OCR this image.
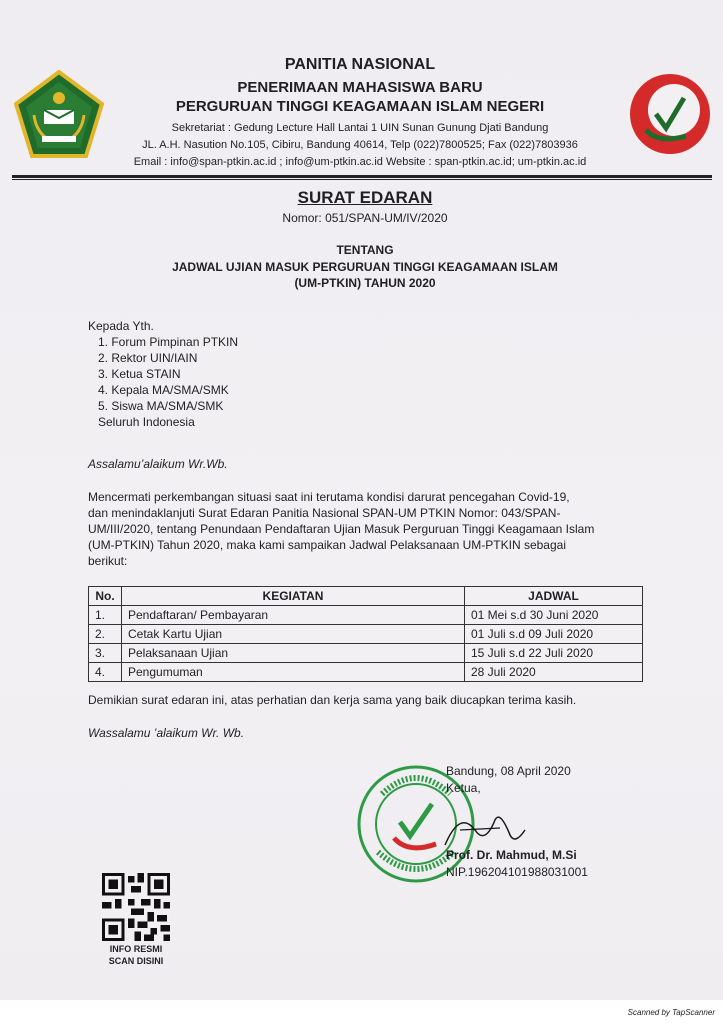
PANITIA NASIONAL
PENERIMAAN MAHASISWA BARU
PERGURUAN TINGGI KEAGAMAAN ISLAM NEGERI
Sekretariat : Gedung Lecture Hall Lantai 1 UIN Sunan Gunung Djati Bandung
JL. A.H. Nasution No.105, Cibiru, Bandung 40614, Telp (022)7800525; Fax (022)7803936
Email : info@span-ptkin.ac.id ; info@um-ptkin.ac.id Website : span-ptkin.ac.id; um-ptkin.ac.id
SURAT EDARAN
Nomor: 051/SPAN-UM/IV/2020
TENTANG
JADWAL UJIAN MASUK PERGURUAN TINGGI KEAGAMAAN ISLAM
(UM-PTKIN) TAHUN 2020
Kepada Yth.
1. Forum Pimpinan PTKIN
2. Rektor UIN/IAIN
3. Ketua STAIN
4. Kepala MA/SMA/SMK
5. Siswa MA/SMA/SMK
Seluruh Indonesia
Assalamu’alaikum Wr.Wb.
Mencermati perkembangan situasi saat ini terutama kondisi darurat pencegahan Covid-19,
dan menindaklanjuti Surat Edaran Panitia Nasional SPAN-UM PTKIN Nomor: 043/SPAN-
UM/III/2020, tentang Penundaan Pendaftaran Ujian Masuk Perguruan Tinggi Keagamaan Islam
(UM-PTKIN) Tahun 2020, maka kami sampaikan Jadwal Pelaksanaan UM-PTKIN sebagai
berikut:
No.	KEGIATAN	JADWAL
1.	Pendaftaran/ Pembayaran	01 Mei s.d 30 Juni 2020
2.	Cetak Kartu Ujian	01 Juli s.d 09 Juli 2020
3.	Pelaksanaan Ujian	15 Juli s.d 22 Juli 2020
4.	Pengumuman	28 Juli 2020
Demikian surat edaran ini, atas perhatian dan kerja sama yang baik diucapkan terima kasih.
Wassalamu ’alaikum Wr. Wb.
Bandung, 08 April 2020
Ketua,
Prof. Dr. Mahmud, M.Si
NIP.196204101988031001
INFO RESMI
SCAN DISINI
Scanned by TapScanner
